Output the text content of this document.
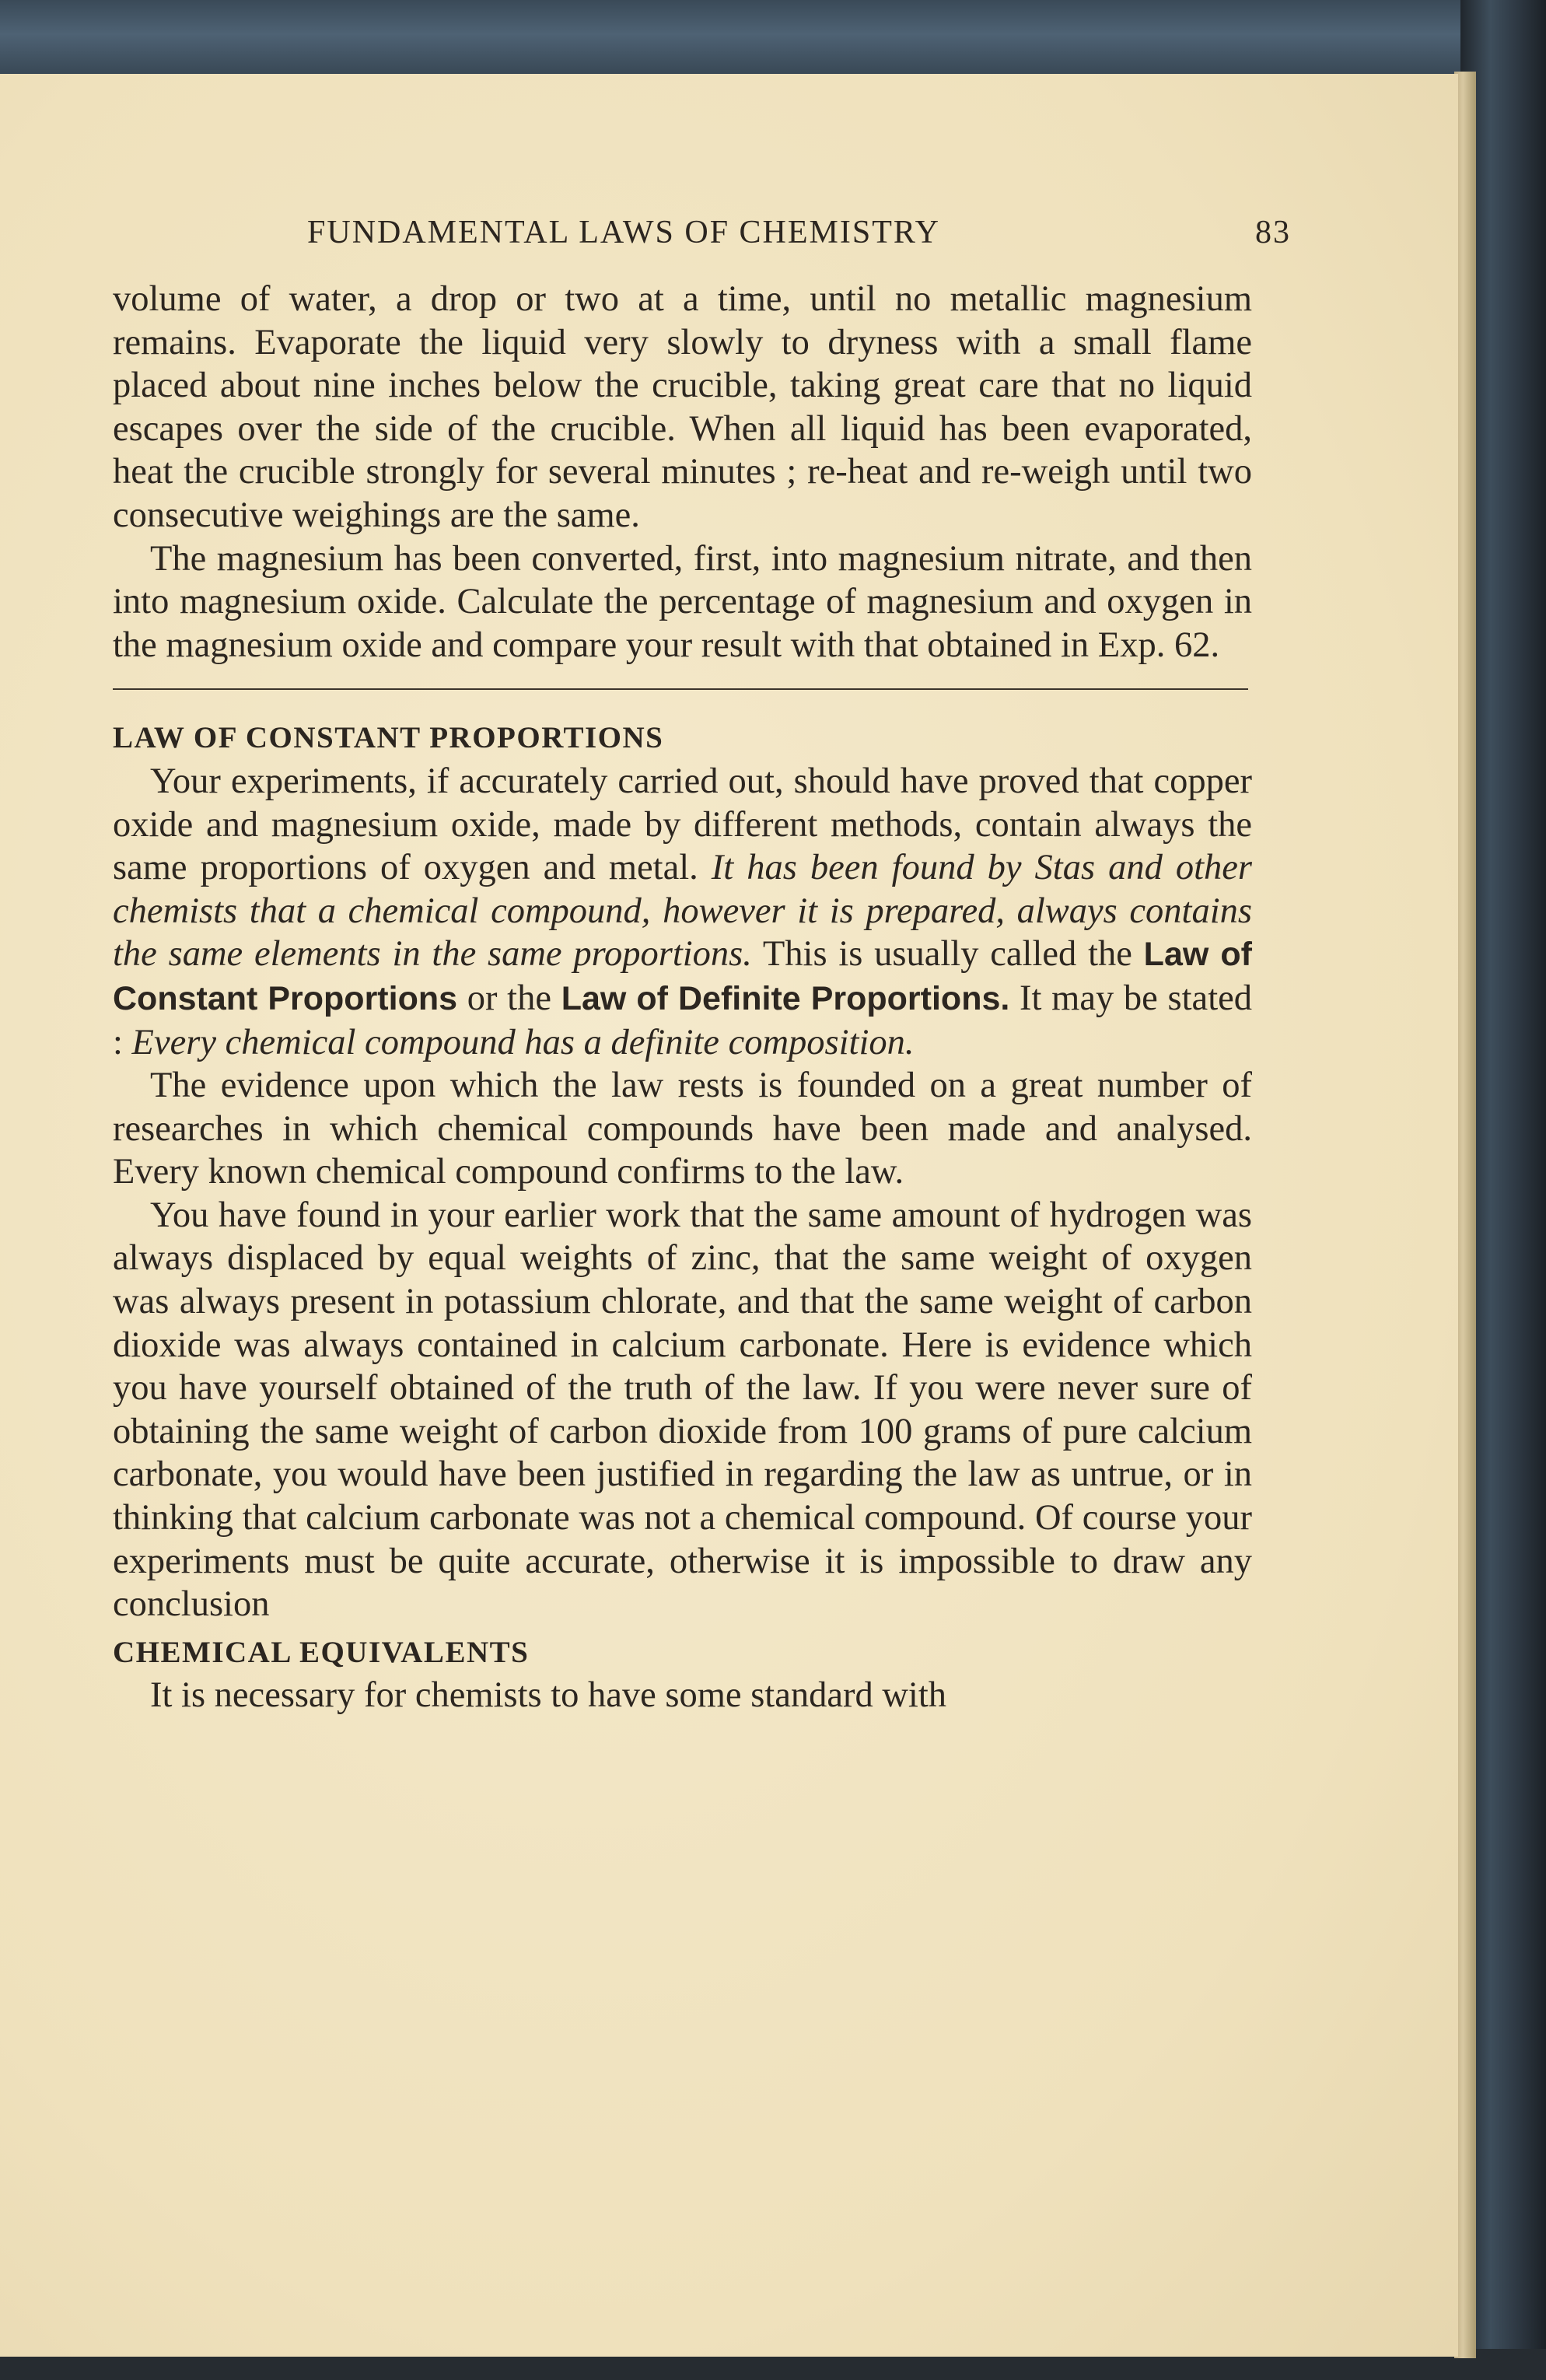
FUNDAMENTAL LAWS OF CHEMISTRY	83

volume of water, a drop or two at a time, until no metallic magnesium remains. Evaporate the liquid very slowly to dryness with a small flame placed about nine inches below the crucible, taking great care that no liquid escapes over the side of the crucible. When all liquid has been evaporated, heat the crucible strongly for several minutes ; re-heat and re-weigh until two consecutive weighings are the same.

The magnesium has been converted, first, into magnesium nitrate, and then into magnesium oxide. Calculate the percentage of magnesium and oxygen in the magnesium oxide and compare your result with that obtained in Exp. 62.

LAW OF CONSTANT PROPORTIONS

Your experiments, if accurately carried out, should have proved that copper oxide and magnesium oxide, made by different methods, contain always the same proportions of oxygen and metal. It has been found by Stas and other chemists that a chemical compound, however it is prepared, always contains the same elements in the same proportions. This is usually called the Law of Constant Proportions or the Law of Definite Proportions. It may be stated : Every chemical compound has a definite composition.

The evidence upon which the law rests is founded on a great number of researches in which chemical compounds have been made and analysed. Every known chemical compound confirms to the law.

You have found in your earlier work that the same amount of hydrogen was always displaced by equal weights of zinc, that the same weight of oxygen was always present in potassium chlorate, and that the same weight of carbon dioxide was always contained in calcium carbonate. Here is evidence which you have yourself obtained of the truth of the law. If you were never sure of obtaining the same weight of carbon dioxide from 100 grams of pure calcium carbonate, you would have been justified in regarding the law as untrue, or in thinking that calcium carbonate was not a chemical compound. Of course your experiments must be quite accurate, otherwise it is impossible to draw any conclusion

CHEMICAL EQUIVALENTS

It is necessary for chemists to have some standard with
